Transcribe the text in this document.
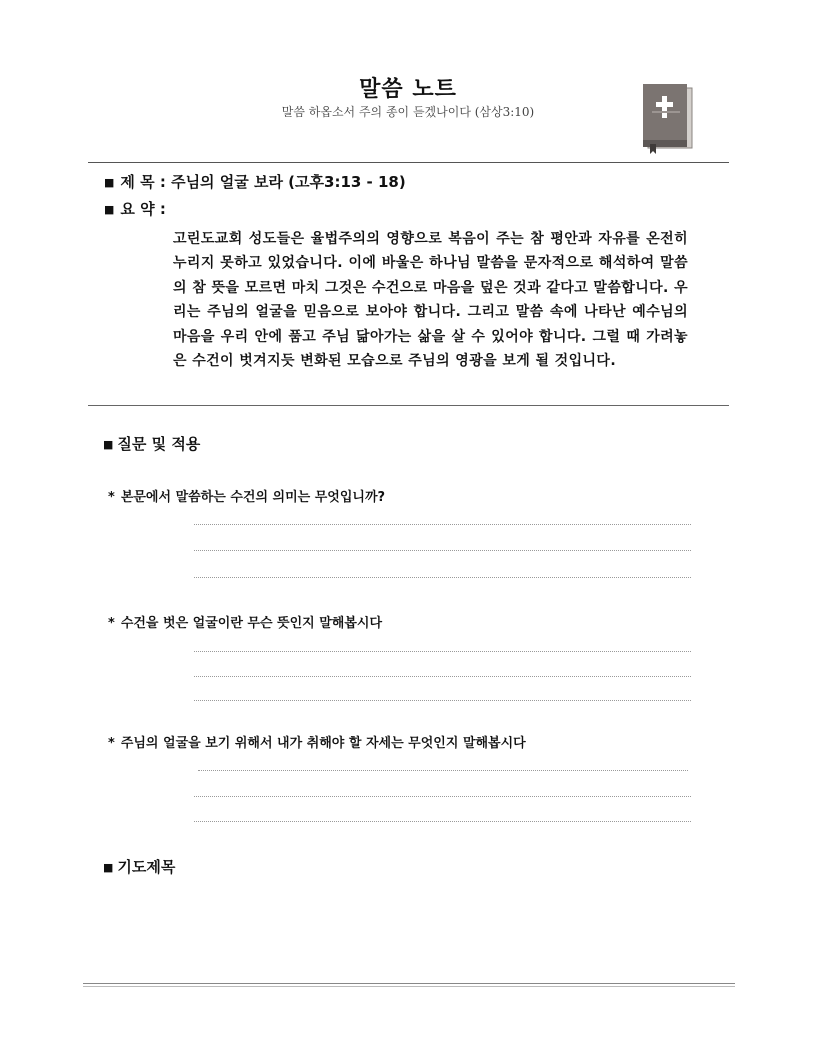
말씀 노트
말씀 하옵소서 주의 종이 듣겠나이다 (삼상3:10)
■ 제 목 : 주님의 얼굴 보라 (고후3:13 - 18)
■ 요 약 :
고린도교회 성도들은 율법주의의 영향으로 복음이 주는 참 평안과 자유를 온전히 누리지 못하고 있었습니다. 이에 바울은 하나님 말씀을 문자적으로 해석하여 말씀의 참 뜻을 모르면 마치 그것은 수건으로 마음을 덮은 것과 같다고 말씀합니다. 우리는 주님의 얼굴을 믿음으로 보아야 합니다. 그리고 말씀 속에 나타난 예수님의 마음을 우리 안에 품고 주님 닮아가는 삶을 살 수 있어야 합니다. 그럴 때 가려놓은 수건이 벗겨지듯 변화된 모습으로 주님의 영광을 보게 될 것입니다.
■ 질문 및 적용
* 본문에서 말씀하는 수건의 의미는 무엇입니까?
* 수건을 벗은 얼굴이란 무슨 뜻인지 말해봅시다
* 주님의 얼굴을 보기 위해서 내가 취해야 할 자세는 무엇인지 말해봅시다
■ 기도제목
